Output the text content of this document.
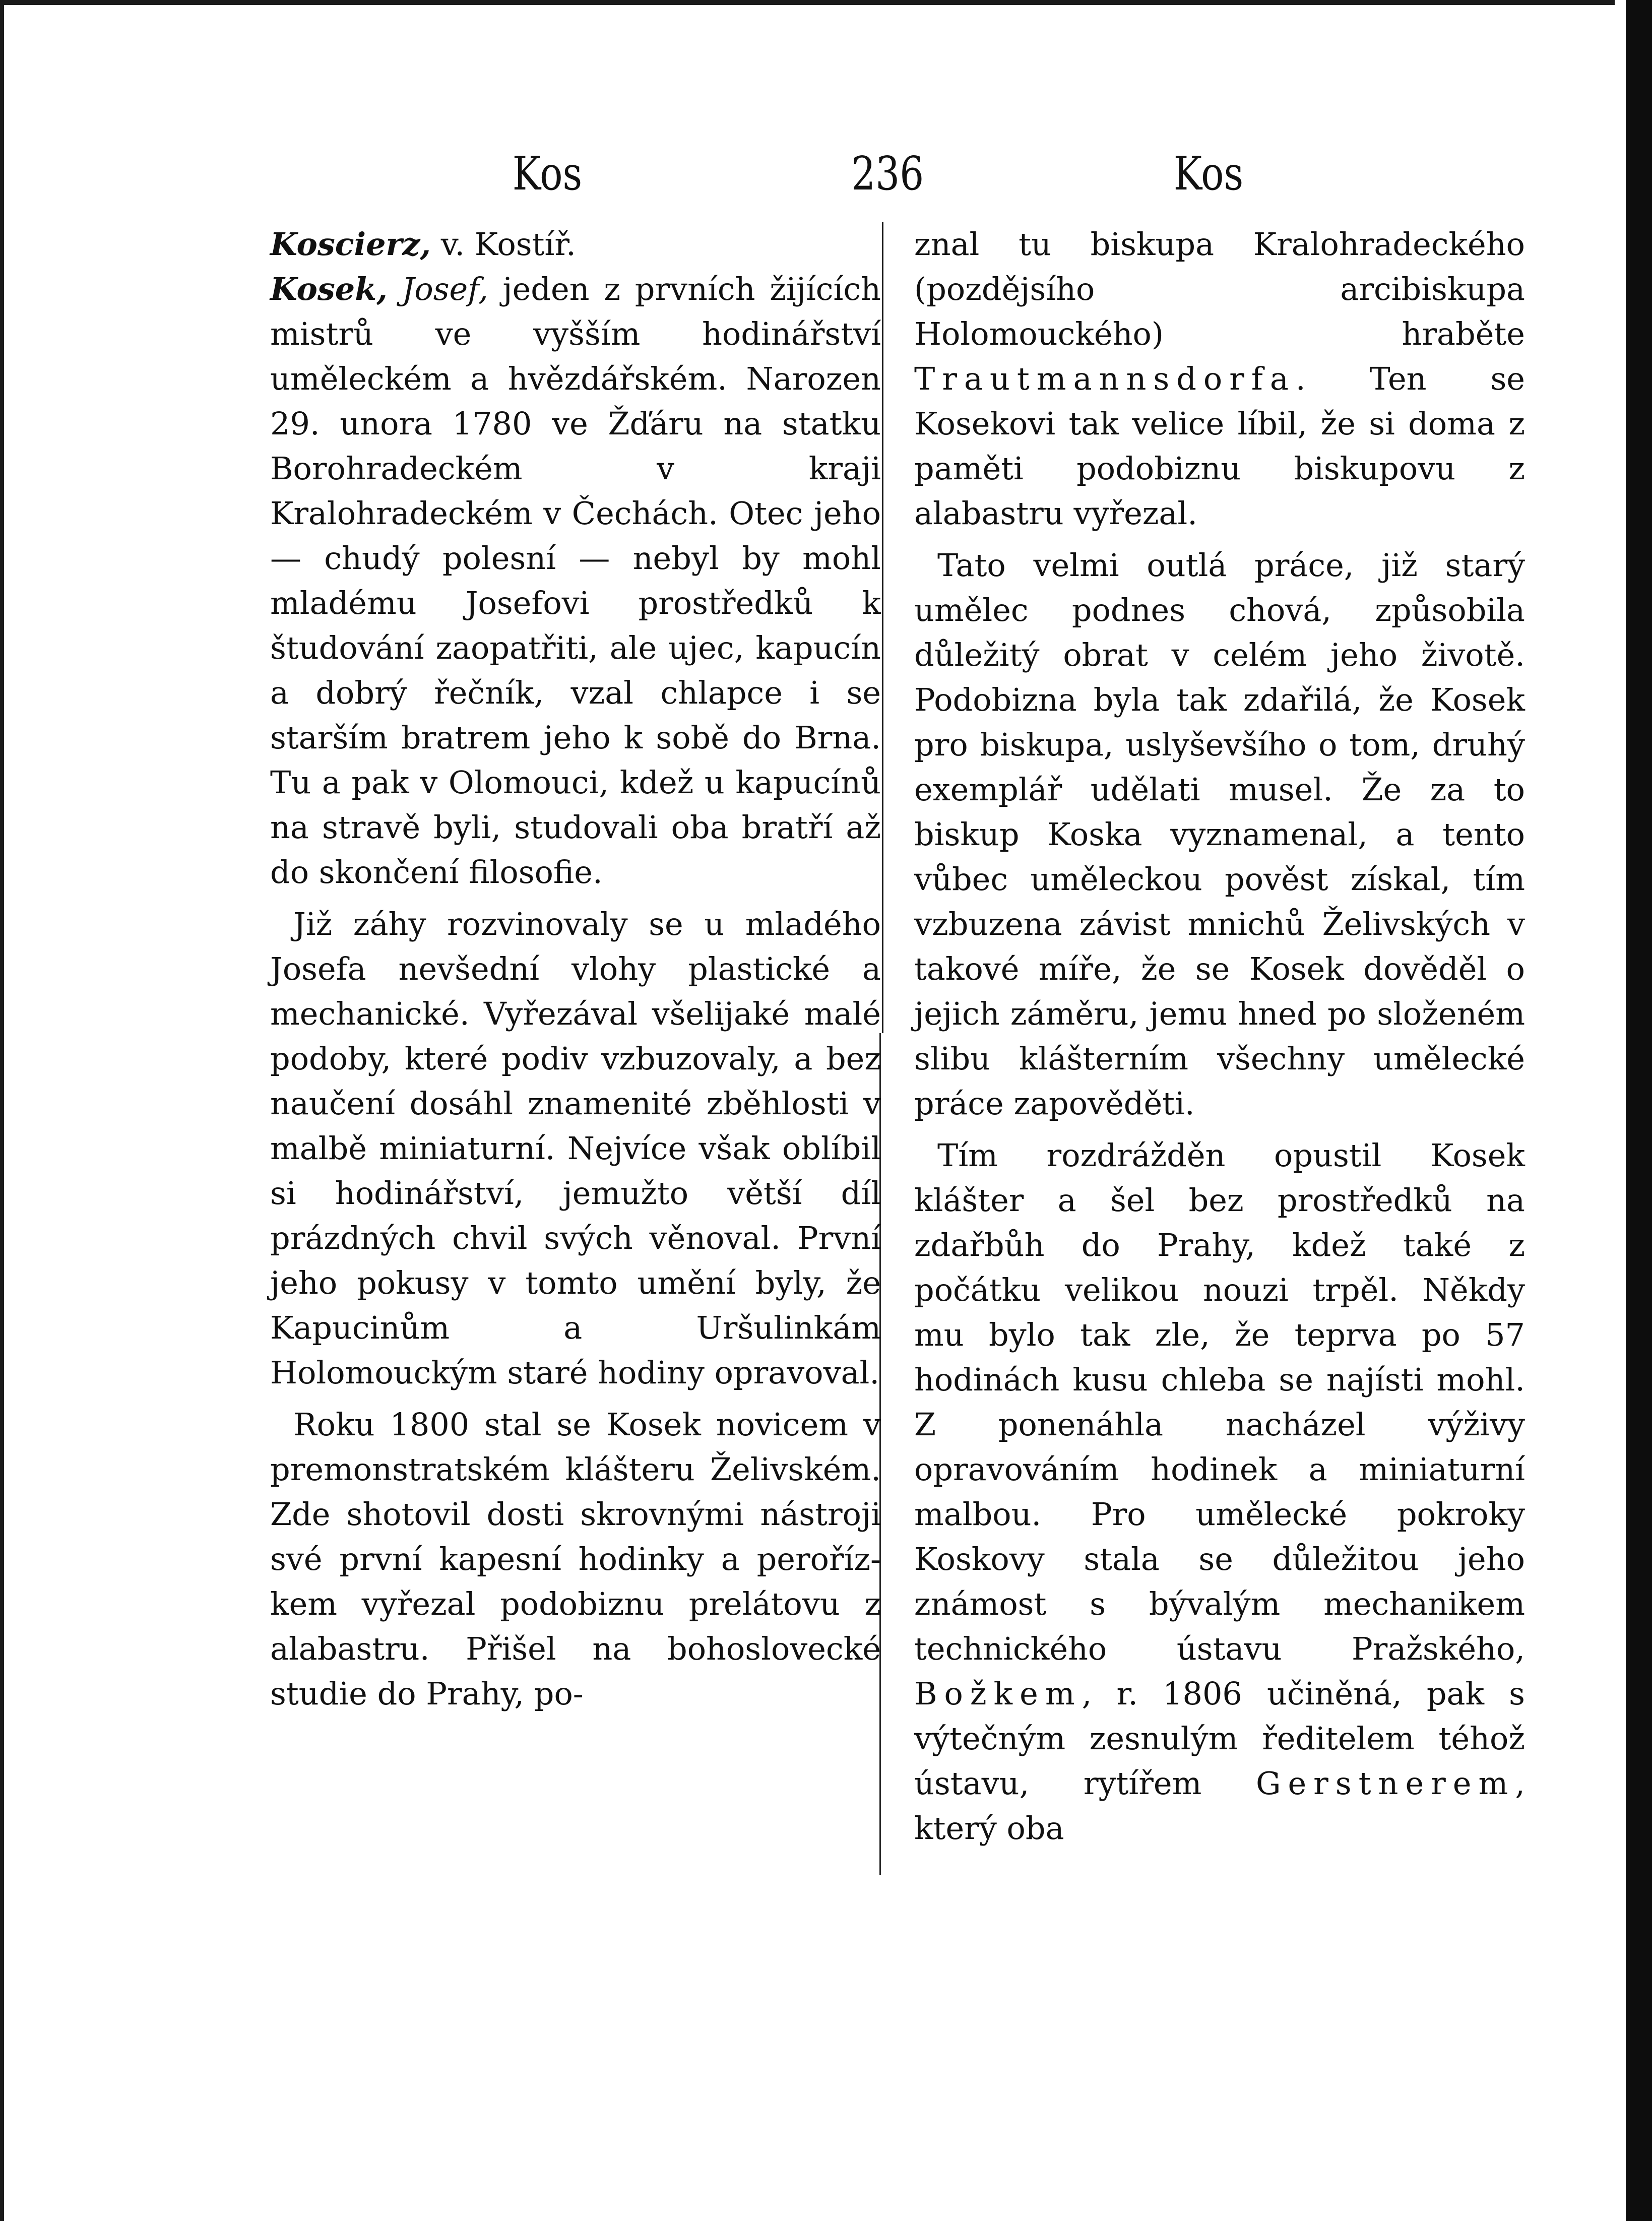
Kos	236	Kos

Koscierz, v. Kostíř.

Kosek, Josef, jeden z prvních žijících mistrů ve vyšším hodinářství uměleckém a hvězdářském. Narozen 29. unora 1780 ve Žďáru na statku Borohradeckém v kraji Kralohradeckém v Čechách. Otec jeho — chudý polesní — nebyl by mohl mladému Josefovi prostředků k študování zaopatřiti, ale ujec, kapucín a dobrý řečník, vzal chlapce i se starším bratrem jeho k sobě do Brna. Tu a pak v Olomouci, kdež u kapucínů na stravě byli, studovali oba bratří až do skončení filosofie.

Již záhy rozvinovaly se u mladého Josefa nevšední vlohy plastické a mechanické. Vyřezával všelijaké malé podoby, které podiv vzbuzovaly, a bez naučení dosáhl znamenité zběhlosti v malbě miniaturní. Nejvíce však oblíbil si hodinářství, jemužto větší díl prázdných chvil svých věnoval. První jeho pokusy v tomto umění byly, že Kapucinům a Uršulinkám Holomouckým staré hodiny opravoval.

Roku 1800 stal se Kosek novicem v premonstratském klášteru Želivském. Zde shotovil dosti skrovnými nástroji své první kapesní hodinky a peroříz-kem vyřezal podobiznu prelátovu z alabastru. Přišel na bohoslovecké studie do Prahy, po-

znal tu biskupa Kralohradeckého (pozdějsího arcibiskupa Holomouckého) hraběte Trautmannsdorfa. Ten se Kosekovi tak velice líbil, že si doma z paměti podobiznu biskupovu z alabastru vyřezal.

Tato velmi outlá práce, již starý umělec podnes chová, způsobila důležitý obrat v celém jeho životě. Podobizna byla tak zdařilá, že Kosek pro biskupa, uslyševšího o tom, druhý exemplář udělati musel. Že za to biskup Koska vyznamenal, a tento vůbec uměleckou pověst získal, tím vzbuzena závist mnichů Želivských v takové míře, že se Kosek dověděl o jejich záměru, jemu hned po složeném slibu klášterním všechny umělecké práce zapověděti.

Tím rozdrážděn opustil Kosek klášter a šel bez prostředků na zdařbůh do Prahy, kdež také z počátku velikou nouzi trpěl. Někdy mu bylo tak zle, že teprva po 57 hodinách kusu chleba se najísti mohl. Z ponenáhla nacházel výživy opravováním hodinek a miniaturní malbou. Pro umělecké pokroky Koskovy stala se důležitou jeho známost s bývalým mechanikem technického ústavu Pražského, Božkem, r. 1806 učiněná, pak s výtečným zesnulým ředitelem téhož ústavu, rytířem Gerstnerem, který oba
